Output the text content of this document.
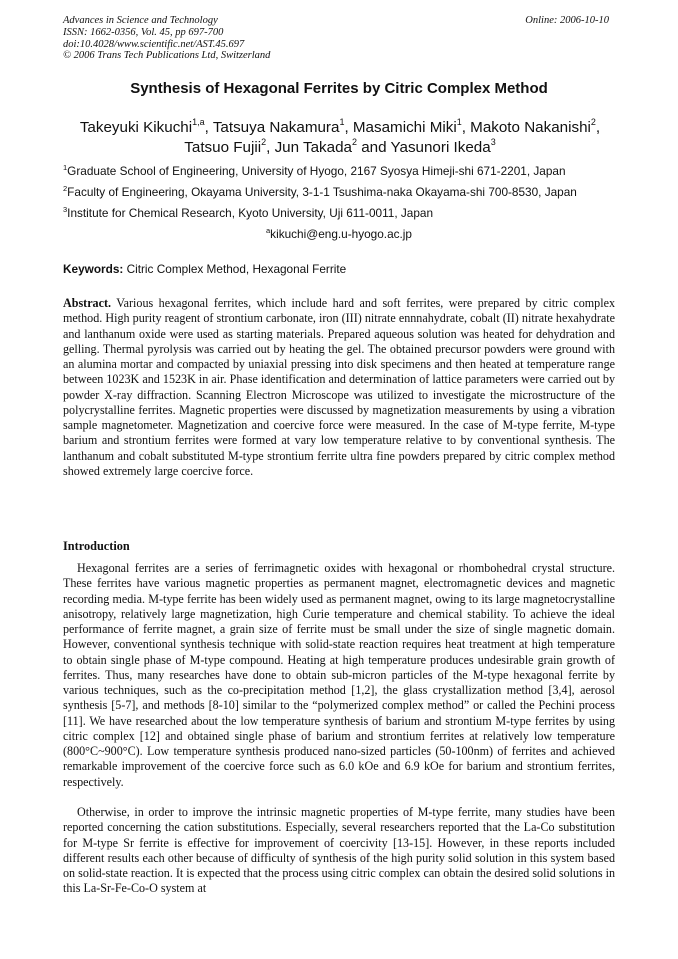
Advances in Science and Technology
ISSN: 1662-0356, Vol. 45, pp 697-700
doi:10.4028/www.scientific.net/AST.45.697
© 2006 Trans Tech Publications Ltd, Switzerland
Online: 2006-10-10
Synthesis of Hexagonal Ferrites by Citric Complex Method
Takeyuki Kikuchi$^{1,a}$, Tatsuya Nakamura$^1$, Masamichi Miki$^1$, Makoto Nakanishi$^2$,
Tatsuo Fujii$^2$, Jun Takada$^2$ and Yasunori Ikeda$^3$
$^1$Graduate School of Engineering, University of Hyogo, 2167 Syosya Himeji-shi 671-2201, Japan
$^2$Faculty of Engineering, Okayama University, 3-1-1 Tsushima-naka Okayama-shi 700-8530, Japan
$^3$Institute for Chemical Research, Kyoto University, Uji 611-0011, Japan
$^a$kikuchi@eng.u-hyogo.ac.jp
Keywords: Citric Complex Method, Hexagonal Ferrite
Abstract. Various hexagonal ferrites, which include hard and soft ferrites, were prepared by citric complex method. High purity reagent of strontium carbonate, iron (III) nitrate ennnahydrate, cobalt (II) nitrate hexahydrate and lanthanum oxide were used as starting materials. Prepared aqueous solution was heated for dehydration and gelling. Thermal pyrolysis was carried out by heating the gel. The obtained precursor powders were ground with an alumina mortar and compacted by uniaxial pressing into disk specimens and then heated at temperature range between 1023K and 1523K in air. Phase identification and determination of lattice parameters were carried out by powder X-ray diffraction. Scanning Electron Microscope was utilized to investigate the microstructure of the polycrystalline ferrites. Magnetic properties were discussed by magnetization measurements by using a vibration sample magnetometer. Magnetization and coercive force were measured. In the case of M-type ferrite, M-type barium and strontium ferrites were formed at vary low temperature relative to by conventional synthesis. The lanthanum and cobalt substituted M-type strontium ferrite ultra fine powders prepared by citric complex method showed extremely large coercive force.
Introduction
Hexagonal ferrites are a series of ferrimagnetic oxides with hexagonal or rhombohedral crystal structure. These ferrites have various magnetic properties as permanent magnet, electromagnetic devices and magnetic recording media. M-type ferrite has been widely used as permanent magnet, owing to its large magnetocrystalline anisotropy, relatively large magnetization, high Curie temperature and chemical stability. To achieve the ideal performance of ferrite magnet, a grain size of ferrite must be small under the size of single magnetic domain. However, conventional synthesis technique with solid-state reaction requires heat treatment at high temperature to obtain single phase of M-type compound. Heating at high temperature produces undesirable grain growth of ferrites. Thus, many researches have done to obtain sub-micron particles of the M-type hexagonal ferrite by various techniques, such as the co-precipitation method [1,2], the glass crystallization method [3,4], aerosol synthesis [5-7], and methods [8-10] similar to the “polymerized complex method” or called the Pechini process [11]. We have researched about the low temperature synthesis of barium and strontium M-type ferrites by using citric complex [12] and obtained single phase of barium and strontium ferrites at relatively low temperature (800°C~900°C). Low temperature synthesis produced nano-sized particles (50-100nm) of ferrites and achieved remarkable improvement of the coercive force such as 6.0 kOe and 6.9 kOe for barium and strontium ferrites, respectively.
Otherwise, in order to improve the intrinsic magnetic properties of M-type ferrite, many studies have been reported concerning the cation substitutions. Especially, several researchers reported that the La-Co substitution for M-type Sr ferrite is effective for improvement of coercivity [13-15]. However, in these reports included different results each other because of difficulty of synthesis of the high purity solid solution in this system based on solid-state reaction. It is expected that the process using citric complex can obtain the desired solid solutions in this La-Sr-Fe-Co-O system at
